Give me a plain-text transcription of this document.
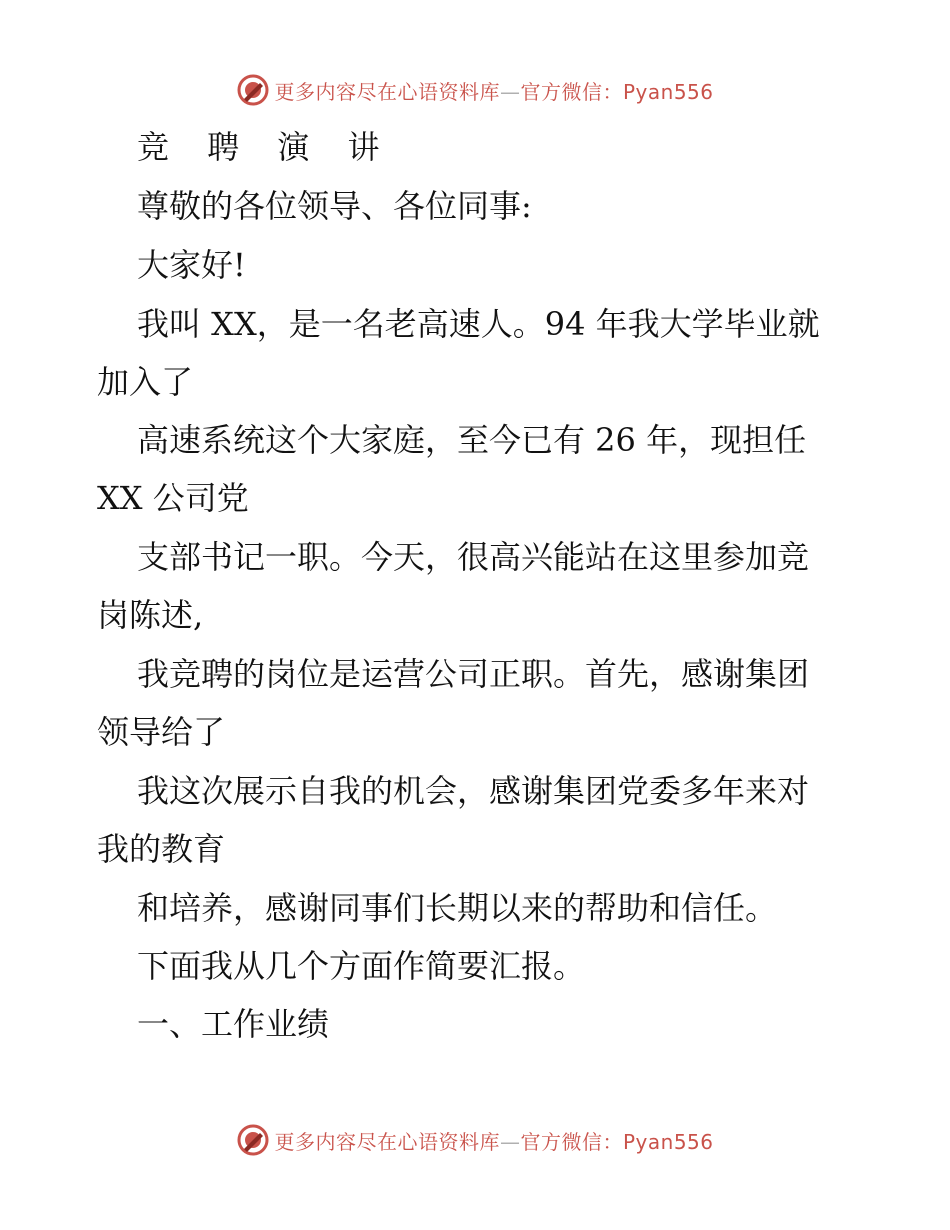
更多内容尽在心语资料库—官方微信：Pyan556
竞 聘 演 讲
尊敬的各位领导、各位同事:
大家好!
我叫 XX，是一名老高速人。94 年我大学毕业就
加入了
高速系统这个大家庭，至今已有 26 年，现担任
XX 公司党
支部书记一职。今天，很高兴能站在这里参加竞
岗陈述,
我竞聘的岗位是运营公司正职。首先，感谢集团
领导给了
我这次展示自我的机会，感谢集团党委多年来对
我的教育
和培养，感谢同事们长期以来的帮助和信任。
下面我从几个方面作简要汇报。
一、工作业绩
更多内容尽在心语资料库—官方微信：Pyan556
